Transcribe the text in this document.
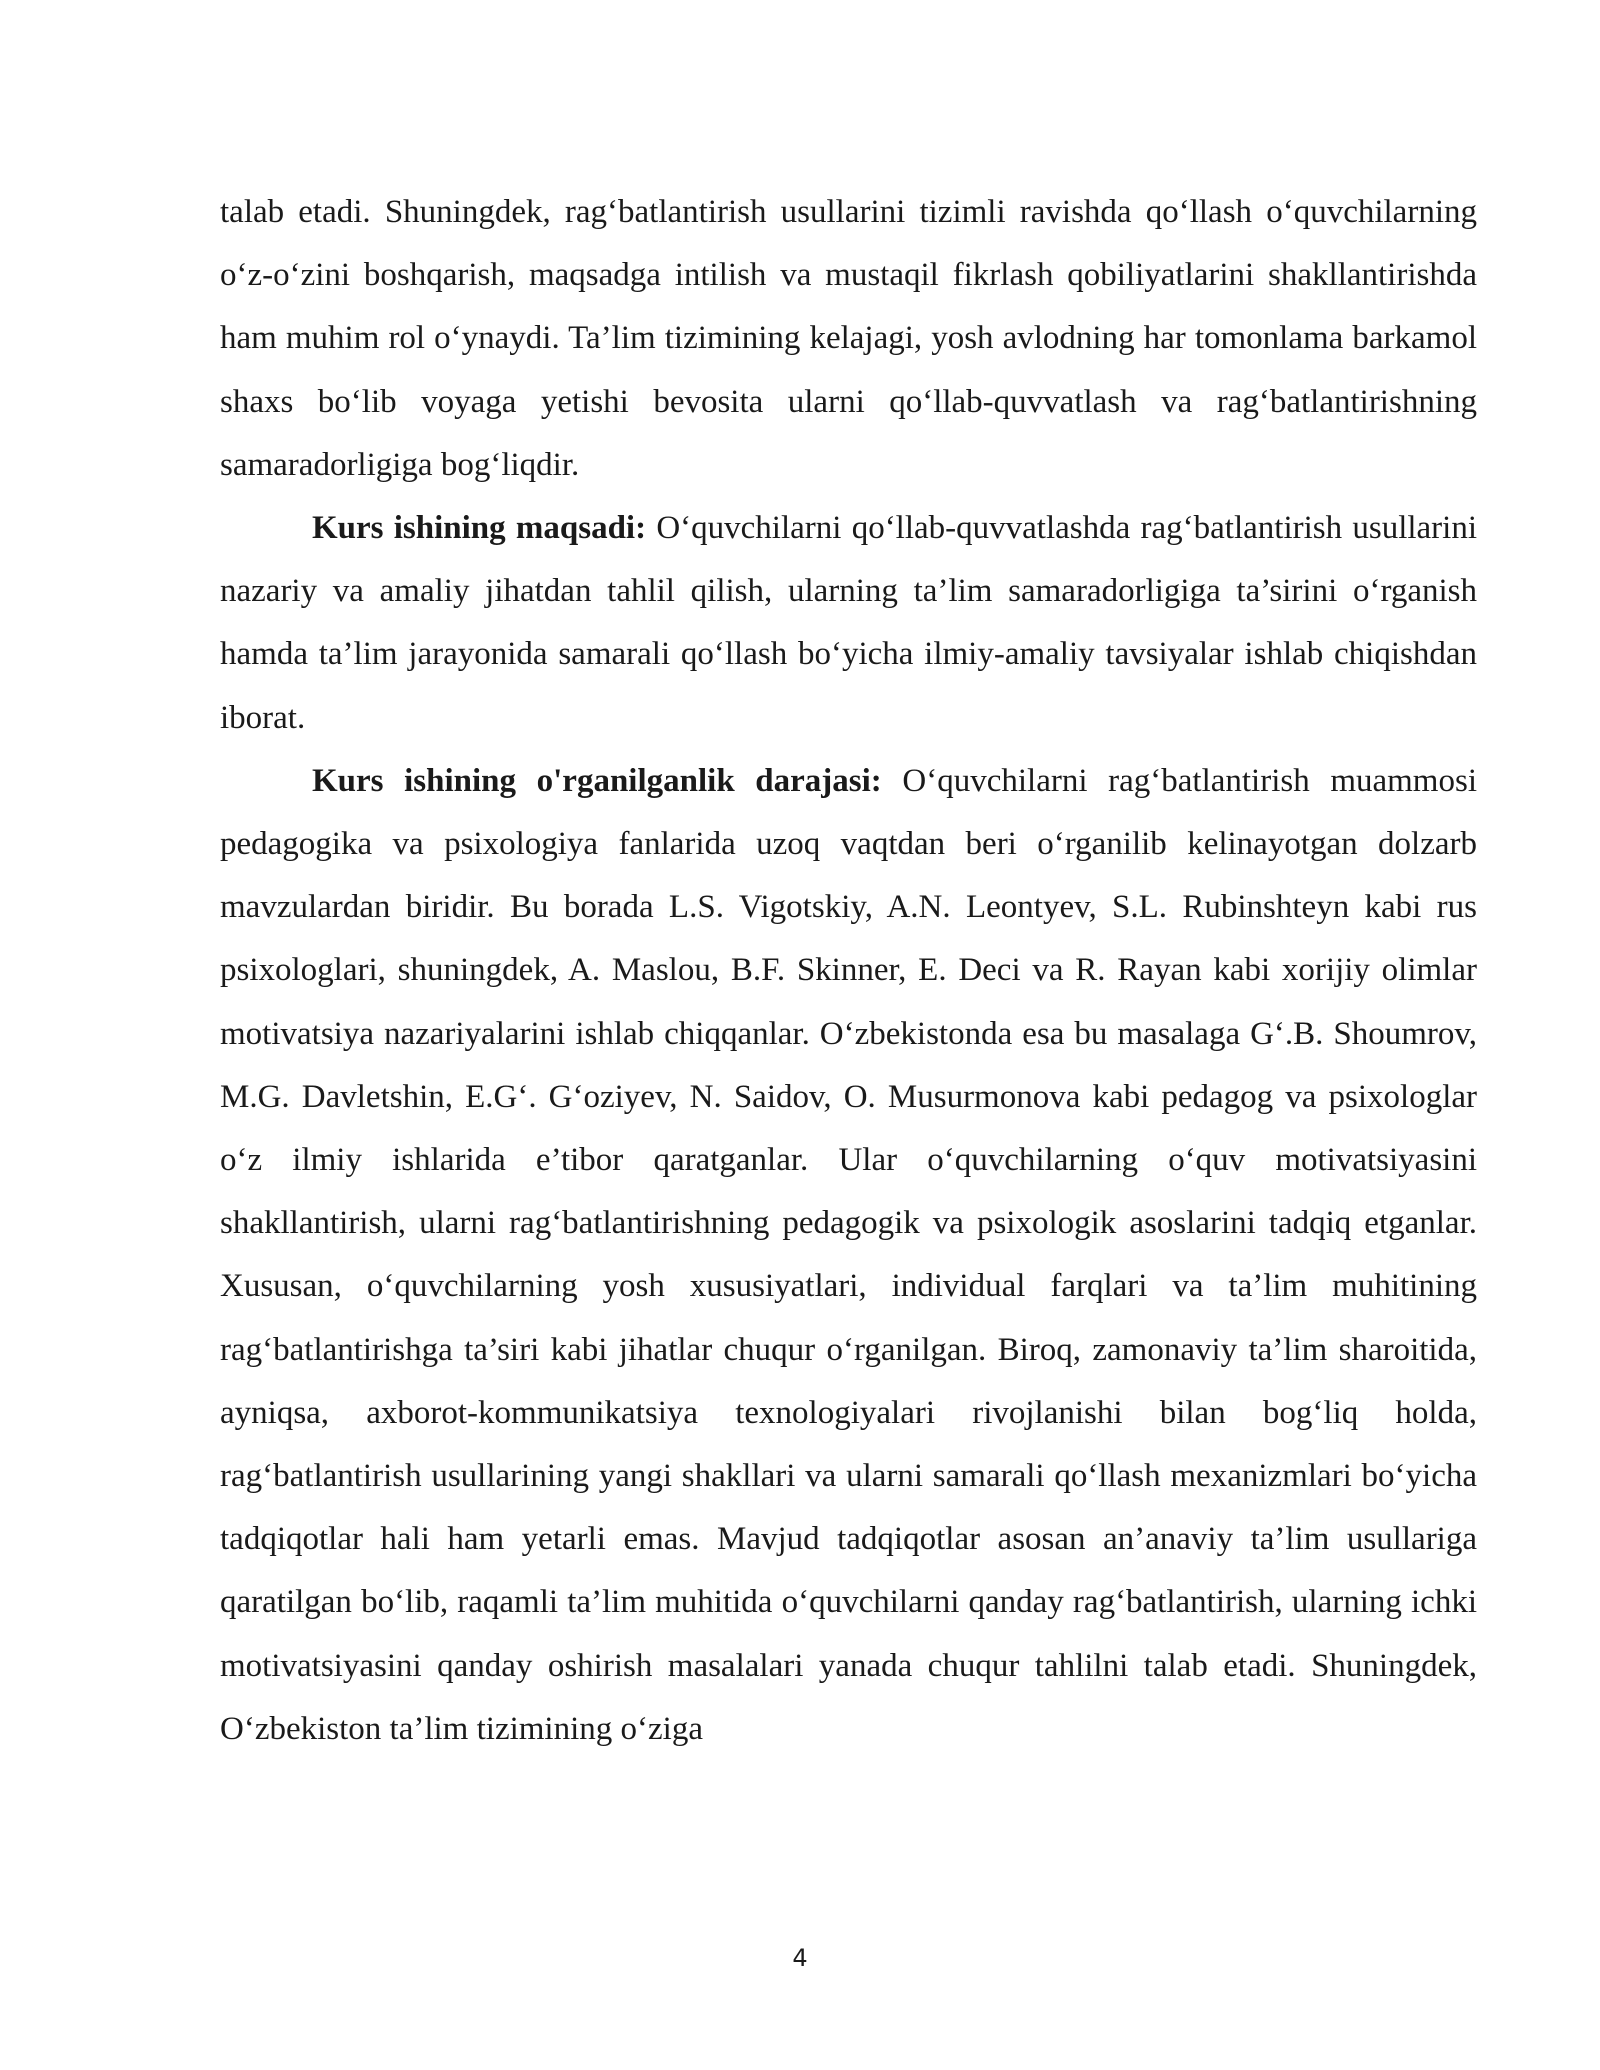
talab etadi. Shuningdek, rag‘batlantirish usullarini tizimli ravishda qo‘llash o‘quvchilarning o‘z-o‘zini boshqarish, maqsadga intilish va mustaqil fikrlash qobiliyatlarini shakllantirishda ham muhim rol o‘ynaydi. Ta’lim tizimining kelajagi, yosh avlodning har tomonlama barkamol shaxs bo‘lib voyaga yetishi bevosita ularni qo‘llab-quvvatlash va rag‘batlantirishning samaradorligiga bog‘liqdir.

Kurs ishining maqsadi: O‘quvchilarni qo‘llab-quvvatlashda rag‘batlantirish usullarini nazariy va amaliy jihatdan tahlil qilish, ularning ta’lim samaradorligiga ta’sirini o‘rganish hamda ta’lim jarayonida samarali qo‘llash bo‘yicha ilmiy-amaliy tavsiyalar ishlab chiqishdan iborat.

Kurs ishining o'rganilganlik darajasi: O‘quvchilarni rag‘batlantirish muammosi pedagogika va psixologiya fanlarida uzoq vaqtdan beri o‘rganilib kelinayotgan dolzarb mavzulardan biridir. Bu borada L.S. Vigotskiy, A.N. Leontyev, S.L. Rubinshteyn kabi rus psixologlari, shuningdek, A. Maslou, B.F. Skinner, E. Deci va R. Rayan kabi xorijiy olimlar motivatsiya nazariyalarini ishlab chiqqanlar. O‘zbekistonda esa bu masalaga G‘.B. Shoumrov, M.G. Davletshin, E.G‘. G‘oziyev, N. Saidov, O. Musurmonova kabi pedagog va psixologlar o‘z ilmiy ishlarida e’tibor qaratganlar. Ular o‘quvchilarning o‘quv motivatsiyasini shakllantirish, ularni rag‘batlantirishning pedagogik va psixologik asoslarini tadqiq etganlar. Xususan, o‘quvchilarning yosh xususiyatlari, individual farqlari va ta’lim muhitining rag‘batlantirishga ta’siri kabi jihatlar chuqur o‘rganilgan. Biroq, zamonaviy ta’lim sharoitida, ayniqsa, axborot-kommunikatsiya texnologiyalari rivojlanishi bilan bog‘liq holda, rag‘batlantirish usullarining yangi shakllari va ularni samarali qo‘llash mexanizmlari bo‘yicha tadqiqotlar hali ham yetarli emas. Mavjud tadqiqotlar asosan an’anaviy ta’lim usullariga qaratilgan bo‘lib, raqamli ta’lim muhitida o‘quvchilarni qanday rag‘batlantirish, ularning ichki motivatsiyasini qanday oshirish masalalari yanada chuqur tahlilni talab etadi. Shuningdek, O‘zbekiston ta’lim tizimining o‘ziga

4
